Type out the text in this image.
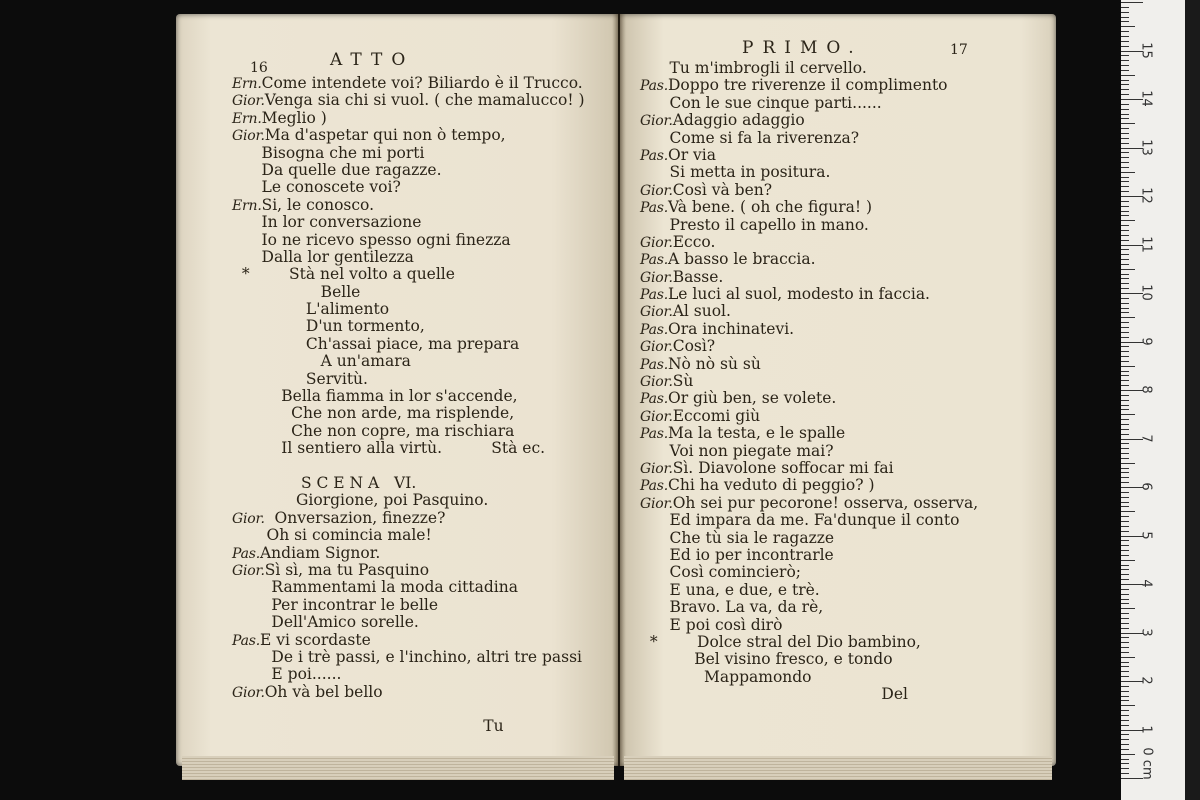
16	ATTO
Ern.Come intendete voi? Biliardo è il Trucco.
Gior.Venga sia chi si vuol. ( che mamalucco! )
Ern.Meglio )
Gior.Ma d'aspetar qui non ò tempo,
Bisogna che mi porti
Da quelle due ragazze.
Le conoscete voi?
Ern.Si, le conosco.
In lor conversazione
Io ne ricevo spesso ogni finezza
Dalla lor gentilezza
*        Stà nel volto a quelle
Belle
L'alimento
D'un tormento,
Ch'assai piace, ma prepara
A un'amara
Servitù.
Bella fiamma in lor s'accende,
Che non arde, ma risplende,
Che non copre, ma rischiara
Il sentiero alla virtù.          Stà ec.
S C E N A   VI.
Giorgione, poi Pasquino.
Gior.  Onversazion, finezze?
Oh si comincia male!
Pas.Andiam Signor.
Gior.Sì sì, ma tu Pasquino
Rammentami la moda cittadina
Per incontrar le belle
Dell'Amico sorelle.
Pas.E vi scordaste
De i trè passi, e l'inchino, altri tre passi
E poi......
Gior.Oh và bel bello
Tu
PRIMO.	17
Tu m'imbrogli il cervello.
Pas.Doppo tre riverenze il complimento
Con le sue cinque parti......
Gior.Adaggio adaggio
Come si fa la riverenza?
Pas.Or via
Si metta in positura.
Gior.Così và ben?
Pas.Và bene. ( oh che figura! )
Presto il capello in mano.
Gior.Ecco.
Pas.A basso le braccia.
Gior.Basse.
Pas.Le luci al suol, modesto in faccia.
Gior.Al suol.
Pas.Ora inchinatevi.
Gior.Così?
Pas.Nò nò sù sù
Gior.Sù
Pas.Or giù ben, se volete.
Gior.Eccomi giù
Pas.Ma la testa, e le spalle
Voi non piegate mai?
Gior.Sì. Diavolone soffocar mi fai
Pas.Chi ha veduto di peggio? )
Gior.Oh sei pur pecorone! osserva, osserva,
Ed impara da me. Fa'dunque il conto
Che tù sia le ragazze
Ed io per incontrarle
Così comincierò;
E una, e due, e trè.
Bravo. La va, da rè,
E poi così dirò
*        Dolce stral del Dio bambino,
Bel visino fresco, e tondo
Mappamondo
Del
15
14
13
12
11
10
9
8
7
6
5
4
3
2
1
0 cm
